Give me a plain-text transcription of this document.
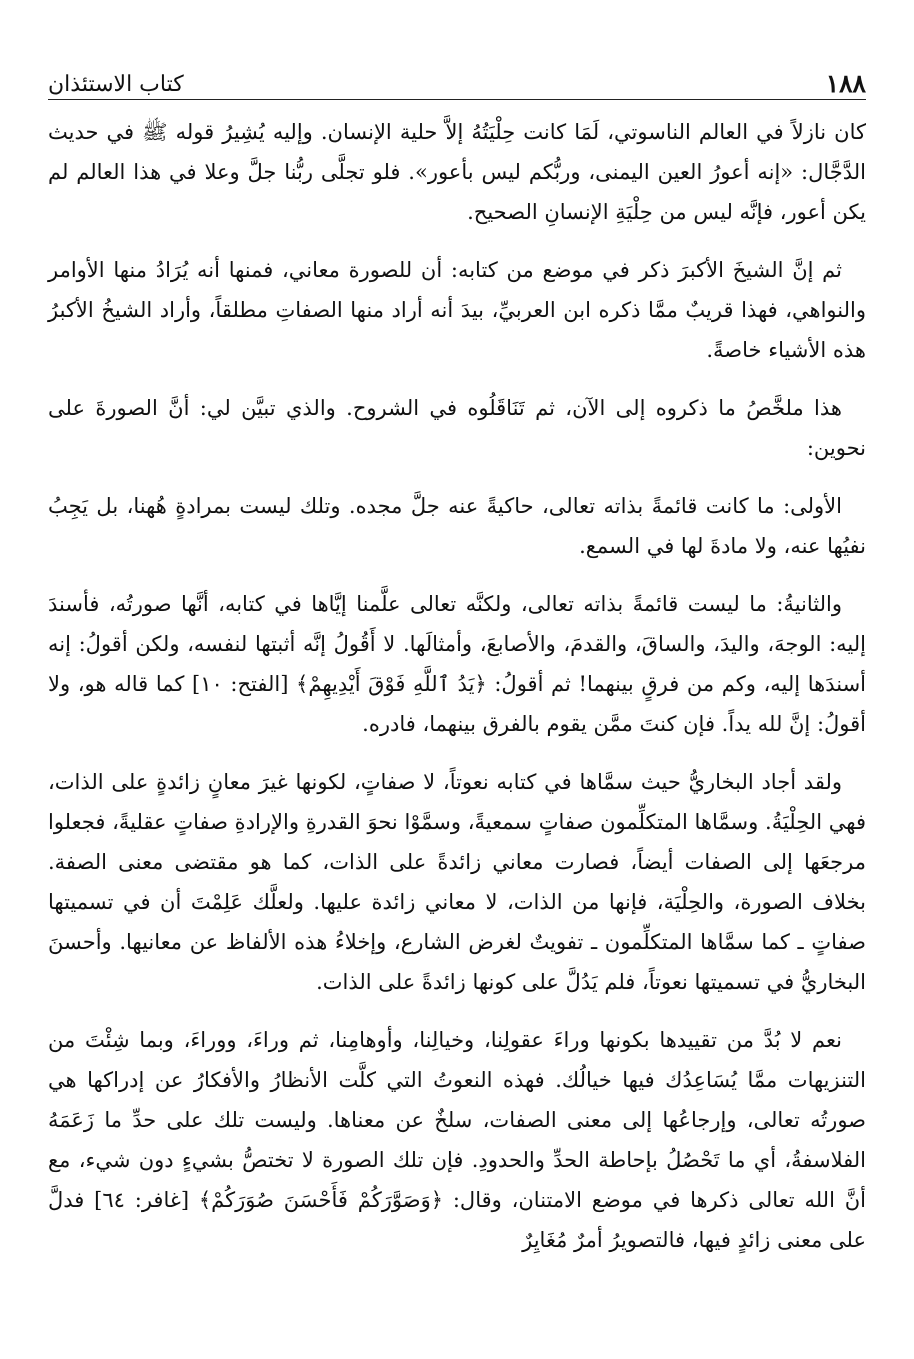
١٨٨
كتاب الاستئذان

كان نازلاً في العالم الناسوتي، لَمَا كانت حِلْيَتُهُ إلاَّ حلية الإنسان. وإليه يُشِيرُ قوله ﷺ في حديث الدَّجَّال: «إنه أعورُ العين اليمنى، وربُّكم ليس بأعور». فلو تجلَّى ربُّنا جلَّ وعلا في هذا العالم لم يكن أعور، فإنَّه ليس من حِلْيَةِ الإنسانِ الصحيح.

ثم إنَّ الشيخَ الأكبرَ ذكر في موضع من كتابه: أن للصورة معاني، فمنها أنه يُرَادُ منها الأوامر والنواهي، فهذا قريبٌ ممَّا ذكره ابن العربيِّ، بيدَ أنه أراد منها الصفاتِ مطلقاً، وأراد الشيخُ الأكبرُ هذه الأشياء خاصةً.

هذا ملخَّصُ ما ذكروه إلى الآن، ثم تَنَاقَلُوه في الشروح. والذي تبيَّن لي: أنَّ الصورةَ على نحوين:

الأولى: ما كانت قائمةً بذاته تعالى، حاكيةً عنه جلَّ مجده. وتلك ليست بمرادةٍ هُهنا، بل يَجِبُ نفيُها عنه، ولا مادةَ لها في السمع.

والثانيةُ: ما ليست قائمةً بذاته تعالى، ولكنَّه تعالى علَّمنا إيَّاها في كتابه، أنَّها صورتُه، فأسندَ إليه: الوجهَ، واليدَ، والساقَ، والقدمَ، والأصابعَ، وأمثالَها. لا أَقُولُ إنَّه أثبتها لنفسه، ولكن أقولُ: إنه أسندَها إليه، وكم من فرقٍ بينهما! ثم أقولُ: ﴿يَدُ ٱللَّهِ فَوْقَ أَيْدِيهِمْ﴾ [الفتح: ١٠] كما قاله هو، ولا أقولُ: إنَّ لله يداً. فإن كنتَ ممَّن يقوم بالفرق بينهما، فادره.

ولقد أجاد البخاريُّ حيث سمَّاها في كتابه نعوتاً، لا صفاتٍ، لكونها غيرَ معانٍ زائدةٍ على الذات، فهي الحِلْيَةُ. وسمَّاها المتكلِّمون صفاتٍ سمعيةً، وسمَّوْا نحوَ القدرةِ والإرادةِ صفاتٍ عقليةً، فجعلوا مرجعَها إلى الصفات أيضاً، فصارت معاني زائدةً على الذات، كما هو مقتضى معنى الصفة. بخلاف الصورة، والحِلْيَة، فإنها من الذات، لا معاني زائدة عليها. ولعلَّك عَلِمْتَ أن في تسميتها صفاتٍ ـ كما سمَّاها المتكلِّمون ـ تفويتٌ لغرض الشارع، وإخلاءُ هذه الألفاظ عن معانيها. وأحسنَ البخاريُّ في تسميتها نعوتاً، فلم يَدُلَّ على كونها زائدةً على الذات.

نعم لا بُدَّ من تقييدها بكونها وراءَ عقولِنا، وخيالِنا، وأوهامِنا، ثم وراءَ، ووراءَ، وبما شِئْتَ من التنزيهات ممَّا يُسَاعِدُك فيها خيالُك. فهذه النعوتُ التي كلَّت الأنظارُ والأفكارُ عن إدراكها هي صورتُه تعالى، وإرجاعُها إلى معنى الصفات، سلخٌ عن معناها. وليست تلك على حدِّ ما زَعَمَهُ الفلاسفةُ، أي ما تَحْصُلُ بإحاطة الحدِّ والحدودِ. فإن تلك الصورة لا تختصُّ بشيءٍ دون شيء، مع أنَّ الله تعالى ذكرها في موضع الامتنان، وقال: ﴿وَصَوَّرَكُمْ فَأَحْسَنَ صُوَرَكُمْ﴾ [غافر: ٦٤] فدلَّ على معنى زائدٍ فيها، فالتصويرُ أمرٌ مُغَايِرٌ
